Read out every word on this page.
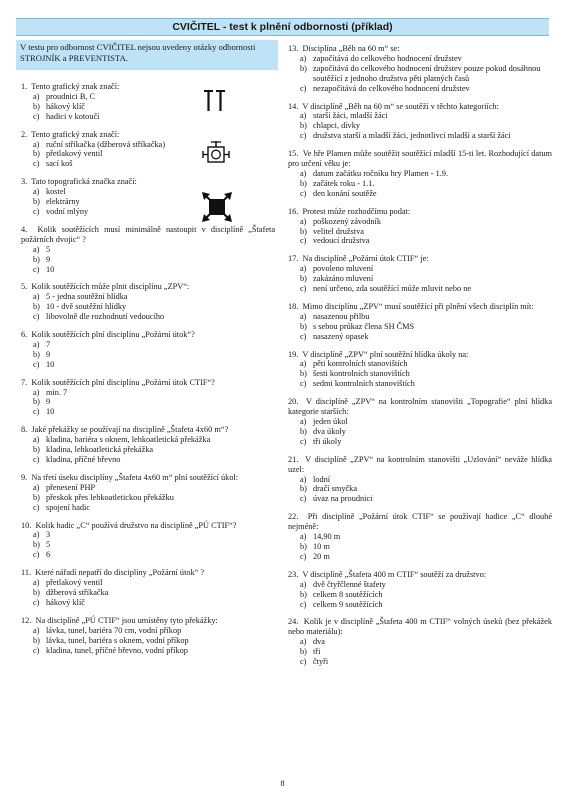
CVIČITEL - test k plnění odbornosti (příklad)
V testu pro odbornost CVIČITEL nejsou uvedeny otázky odbornosti STROJNÍK a PREVENTISTA.
1. Tento grafický znak značí:
a) proudnici B, C
b) hákový klíč
c) hadici v kotoučí
2. Tento grafický znak značí:
a) ruční stříkačka (džberová stříkačka)
b) přetlakový ventil
c) sací koš
3. Tato topografická značka značí:
a) kostel
b) elektrárny
c) vodní mlýny
4. Kolik soutěžících musí minimálně nastoupit v disciplíně „Štafeta požárních dvojic“ ?
a) 5
b) 9
c) 10
5. Kolik soutěžících může plnit disciplínu „ZPV“:
a) 5 - jedna soutěžní hlídka
b) 10 - dvě soutěžní hlídky
c) libovolně dle rozhodnutí vedoucího
6. Kolik soutěžících plní disciplínu „Požární útok“?
a) 7
b) 9
c) 10
7. Kolik soutěžících plní disciplínu „Požární útok CTIF“?
a) min. 7
b) 9
c) 10
8. Jaké překážky se používají na disciplíně „Štafeta 4x60 m“?
a) kladina, bariéra s oknem, lehkoatletická překážka
b) kladina, lehkoatletická překážka
c) kladina, příčné břevno
9. Na třetí úseku disciplíny „Štafeta 4x60 m“ plní soutěžící úkol:
a) přenesení PHP
b) přeskok přes lehkoatletickou překážku
c) spojení hadic
10. Kolik hadic „C“ používá družstvo na disciplíně „PÚ CTIF“?
a) 3
b) 5
c) 6
11. Které nářadí nepatří do disciplíny „Požární útok“ ?
a) přetlakový ventil
b) džberová stříkačka
c) hákový klíč
12. Na disciplíně „PÚ CTIF“ jsou umístěny tyto překážky:
a) lávka, tunel, bariéra 70 cm, vodní příkop
b) lávka, tunel, bariéra s oknem, vodní příkop
c) kladina, tunel, příčné břevno, vodní příkop
13. Disciplína „Běh na 60 m“ se:
a) započítává do celkového hodnocení družstev
b) započítává do celkového hodnocení družstev pouze pokud dosáhnou soutěžící z jednoho družstva pěti platných časů
c) nezapočítává do celkového hodnocení družstev
14. V disciplíně „Běh na 60 m“ se soutěží v těchto kategoriích:
a) starší žáci, mladší žáci
b) chlapci, dívky
c) družstva starší a mladší žáci, jednotlivci mladší a starší žáci
15. Ve hře Plamen může soutěžit soutěžící mladší 15-ti let. Rozhodující datum pro určení věku je:
a) datum začátku ročníku hry Plamen - 1.9.
b) začátek roku - 1.1.
c) den konání soutěže
16. Protest může rozhodčímu podat:
a) poškozený závodník
b) velitel družstva
c) vedoucí družstva
17. Na disciplíně „Požární útok CTIF“ je:
a) povoleno mluvení
b) zakázáno mluvení
c) není určeno, zda soutěžící může mluvit nebo ne
18. Mimo disciplínu „ZPV“ musí soutěžící při plnění všech disciplín mít:
a) nasazenou přilbu
b) s sebou průkaz člena SH ČMS
c) nasazený opasek
19. V disciplíně „ZPV“ plní soutěžní hlídka úkoly na:
a) pěti kontrolních stanovištích
b) šesti kontrolních stanovištích
c) sedmi kontrolních stanovištích
20. V disciplíně „ZPV“ na kontrolním stanovišti „Topografie“ plní hlídka kategorie starších:
a) jeden úkol
b) dva úkoly
c) tři úkoly
21. V disciplíně „ZPV“ na kontrolním stanovišti „Uzlování“ neváže hlídka uzel:
a) lodní
b) dračí smyčka
c) úvaz na proudnici
22. Při disciplíně „Požární útok CTIF“ se používají hadice „C“ dlouhé nejméně:
a) 14,90 m
b) 10 m
c) 20 m
23. V disciplíně „Štafeta 400 m CTIF“ soutěží za družstvo:
a) dvě čtyřčlenné štafety
b) celkem 8 soutěžících
c) celkem 9 soutěžících
24. Kolik je v disciplíně „Štafeta 400 m CTIF“ volných úseků (bez překážek nebo materiálu):
a) dva
b) tři
c) čtyři
8
